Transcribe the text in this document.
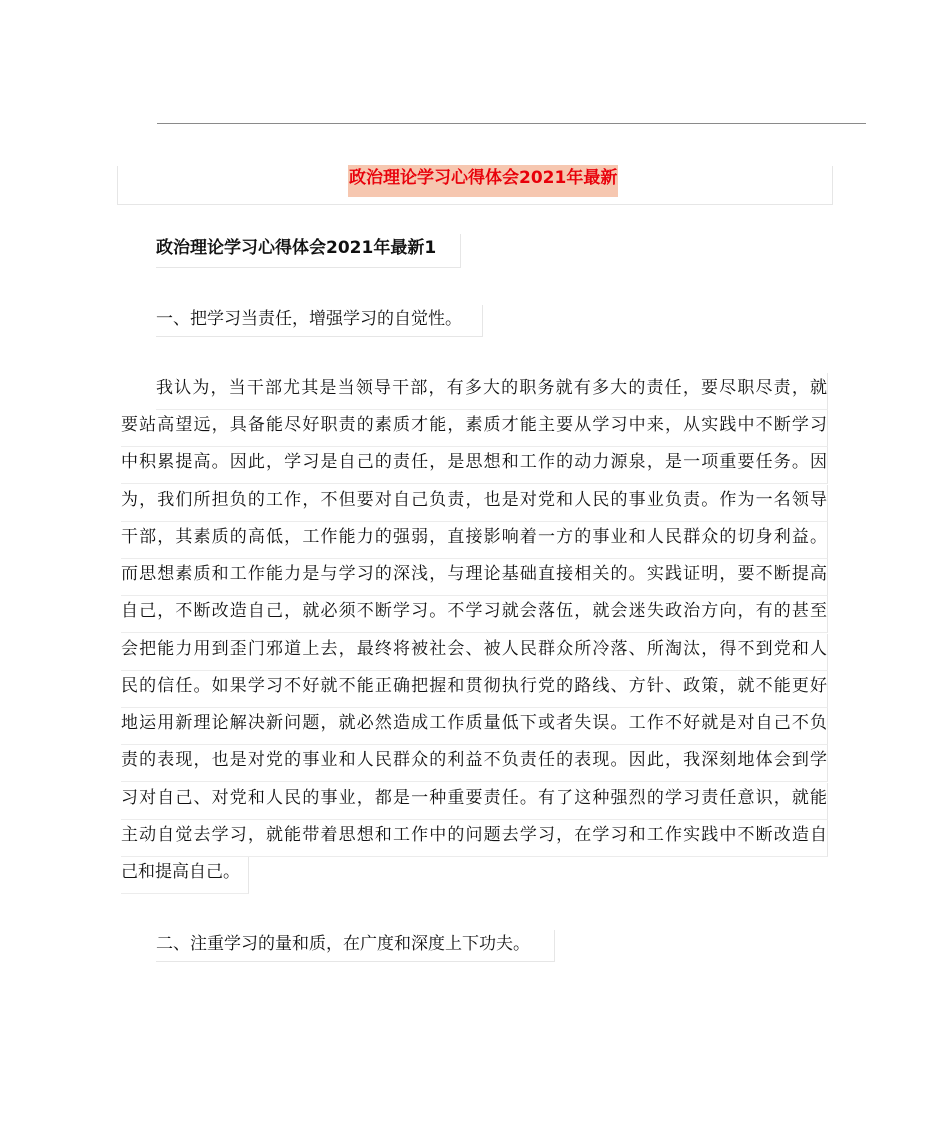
政治理论学习心得体会2021年最新
政治理论学习心得体会2021年最新1
一、把学习当责任，增强学习的自觉性。
我认为，当干部尤其是当领导干部，有多大的职务就有多大的责任，要尽职尽责，就
要站高望远，具备能尽好职责的素质才能，素质才能主要从学习中来，从实践中不断学习
中积累提高。因此，学习是自己的责任，是思想和工作的动力源泉，是一项重要任务。因
为，我们所担负的工作，不但要对自己负责，也是对党和人民的事业负责。作为一名领导
干部，其素质的高低，工作能力的强弱，直接影响着一方的事业和人民群众的切身利益。
而思想素质和工作能力是与学习的深浅，与理论基础直接相关的。实践证明，要不断提高
自己，不断改造自己，就必须不断学习。不学习就会落伍，就会迷失政治方向，有的甚至
会把能力用到歪门邪道上去，最终将被社会、被人民群众所冷落、所淘汰，得不到党和人
民的信任。如果学习不好就不能正确把握和贯彻执行党的路线、方针、政策，就不能更好
地运用新理论解决新问题，就必然造成工作质量低下或者失误。工作不好就是对自己不负
责的表现，也是对党的事业和人民群众的利益不负责任的表现。因此，我深刻地体会到学
习对自己、对党和人民的事业，都是一种重要责任。有了这种强烈的学习责任意识，就能
主动自觉去学习，就能带着思想和工作中的问题去学习，在学习和工作实践中不断改造自
己和提高自己。
二、注重学习的量和质，在广度和深度上下功夫。
